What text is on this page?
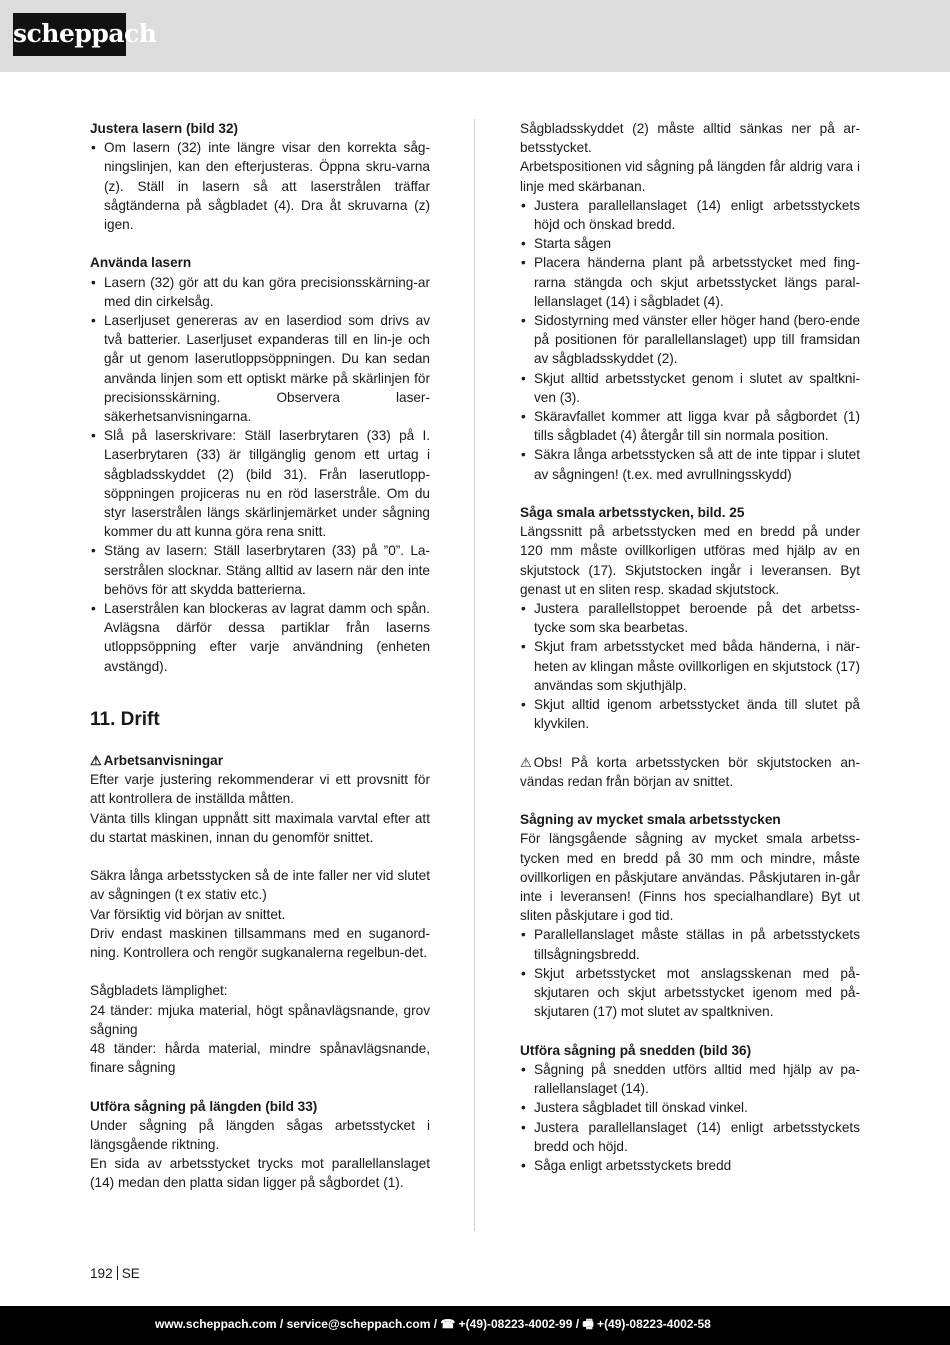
scheppach
Justera lasern (bild 32)
• Om lasern (32) inte längre visar den korrekta såg-ningslinjen, kan den efterjusteras. Öppna skru-varna (z). Ställ in lasern så att laserstrålen träffar sågtänderna på sågbladet (4). Dra åt skruvarna (z) igen.
Använda lasern
• Lasern (32) gör att du kan göra precisionsskärning-ar med din cirkelsåg.
• Laserljuset genereras av en laserdiod som drivs av två batterier. Laserljuset expanderas till en lin-je och går ut genom laserutloppsöppningen. Du kan sedan använda linjen som ett optiskt märke på skärlinjen för precisionsskärning. Observera laser-säkerhetsanvisningarna.
• Slå på laserskrivare: Ställ laserbrytaren (33) på I. Laserbrytaren (33) är tillgänglig genom ett urtag i sågbladsskyddet (2) (bild 31). Från laserutlopp-söppningen projiceras nu en röd laserstråle. Om du styr laserstrålen längs skärlinjemärket under sågning kommer du att kunna göra rena snitt.
• Stäng av lasern: Ställ laserbrytaren (33) på ”0”. La-serstrålen slocknar. Stäng alltid av lasern när den inte behövs för att skydda batterierna.
• Laserstrålen kan blockeras av lagrat damm och spån. Avlägsna därför dessa partiklar från laserns utloppsöppning efter varje användning (enheten avstängd).
11. Drift
⚠ Arbetsanvisningar
Efter varje justering rekommenderar vi ett provsnitt för att kontrollera de inställda måtten.
Vänta tills klingan uppnått sitt maximala varvtal efter att du startat maskinen, innan du genomför snittet.
Säkra långa arbetsstycken så de inte faller ner vid slutet av sågningen (t ex stativ etc.)
Var försiktig vid början av snittet.
Driv endast maskinen tillsammans med en suganord-ning. Kontrollera och rengör sugkanalerna regelbun-det.
Sågbladets lämplighet:
24 tänder: mjuka material, högt spånavlägsnande, grov sågning
48 tänder: hårda material, mindre spånavlägsnande, finare sågning
Utföra sågning på längden (bild 33)
Under sågning på längden sågas arbetsstycket i längsgående riktning.
En sida av arbetsstycket trycks mot parallellanslaget (14) medan den platta sidan ligger på sågbordet (1).
Sågbladsskyddet (2) måste alltid sänkas ner på ar-betsstycket.
Arbetspositionen vid sågning på längden får aldrig vara i linje med skärbanan.
• Justera parallellanslaget (14) enligt arbetsstyckets höjd och önskad bredd.
• Starta sågen
• Placera händerna plant på arbetsstycket med fing-rarna stängda och skjut arbetsstycket längs paral-lellanslaget (14) i sågbladet (4).
• Sidostyrning med vänster eller höger hand (bero-ende på positionen för parallellanslaget) upp till framsidan av sågbladsskyddet (2).
• Skjut alltid arbetsstycket genom i slutet av spaltkni-ven (3).
• Skäravfallet kommer att ligga kvar på sågbordet (1) tills sågbladet (4) återgår till sin normala position.
• Säkra långa arbetsstycken så att de inte tippar i slutet av sågningen! (t.ex. med avrullningsskydd)
Såga smala arbetsstycken, bild. 25
Längssnitt på arbetsstycken med en bredd på under 120 mm måste ovillkorligen utföras med hjälp av en skjutstock (17). Skjutstocken ingår i leveransen. Byt genast ut en sliten resp. skadad skjutstock.
• Justera parallellstoppet beroende på det arbetss-tycke som ska bearbetas.
• Skjut fram arbetsstycket med båda händerna, i när-heten av klingan måste ovillkorligen en skjutstock (17) användas som skjuthjälp.
• Skjut alltid igenom arbetsstycket ända till slutet på klyvkilen.
⚠ Obs! På korta arbetsstycken bör skjutstocken an-vändas redan från början av snittet.
Sågning av mycket smala arbetsstycken
För längsgående sågning av mycket smala arbetss-tycken med en bredd på 30 mm och mindre, måste ovillkorligen en påskjutare användas. Påskjutaren in-går inte i leveransen! (Finns hos specialhandlare) Byt ut sliten påskjutare i god tid.
• Parallellanslaget måste ställas in på arbetsstyckets tillsågningsbredd.
• Skjut arbetsstycket mot anslagsskenan med på-skjutaren och skjut arbetsstycket igenom med på-skjutaren (17) mot slutet av spaltkniven.
Utföra sågning på snedden (bild 36)
• Sågning på snedden utförs alltid med hjälp av pa-rallellanslaget (14).
• Justera sågbladet till önskad vinkel.
• Justera parallellanslaget (14) enligt arbetsstyckets bredd och höjd.
• Såga enligt arbetsstyckets bredd
192 SE
www.scheppach.com / service@scheppach.com / ☎ +(49)-08223-4002-99 / 🖷 +(49)-08223-4002-58
